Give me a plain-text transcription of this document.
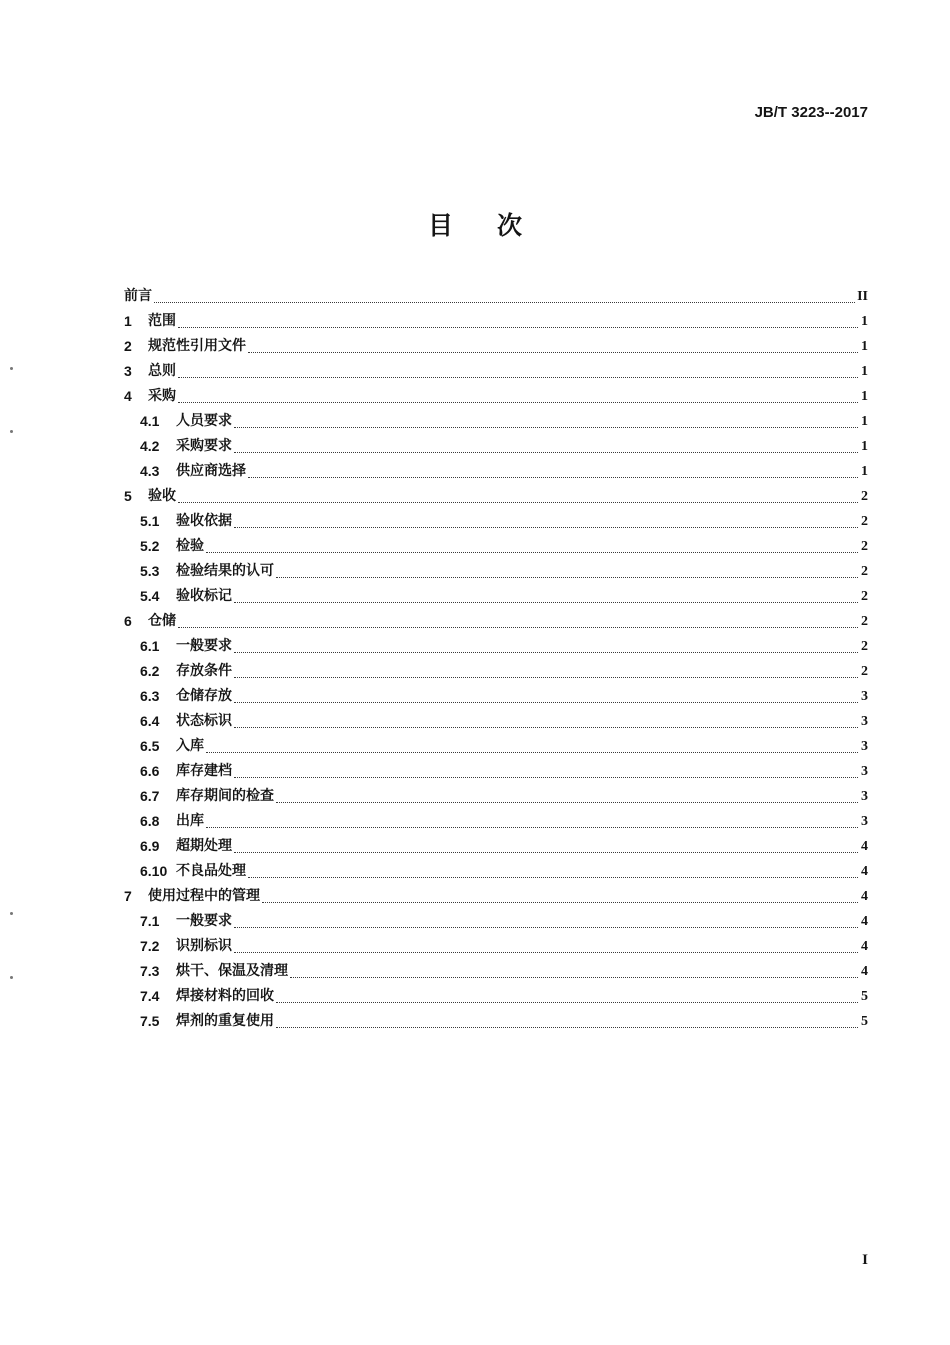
JB/T 3223--2017
目次
前言	II
1	范围	1
2	规范性引用文件	1
3	总则	1
4	采购	1
4.1	人员要求	1
4.2	采购要求	1
4.3	供应商选择	1
5	验收	2
5.1	验收依据	2
5.2	检验	2
5.3	检验结果的认可	2
5.4	验收标记	2
6	仓储	2
6.1	一般要求	2
6.2	存放条件	2
6.3	仓储存放	3
6.4	状态标识	3
6.5	入库	3
6.6	库存建档	3
6.7	库存期间的检查	3
6.8	出库	3
6.9	超期处理	4
6.10 不良品处理	4
7	使用过程中的管理	4
7.1	一般要求	4
7.2	识别标识	4
7.3	烘干、保温及清理	4
7.4	焊接材料的回收	5
7.5	焊剂的重复使用	5
I
